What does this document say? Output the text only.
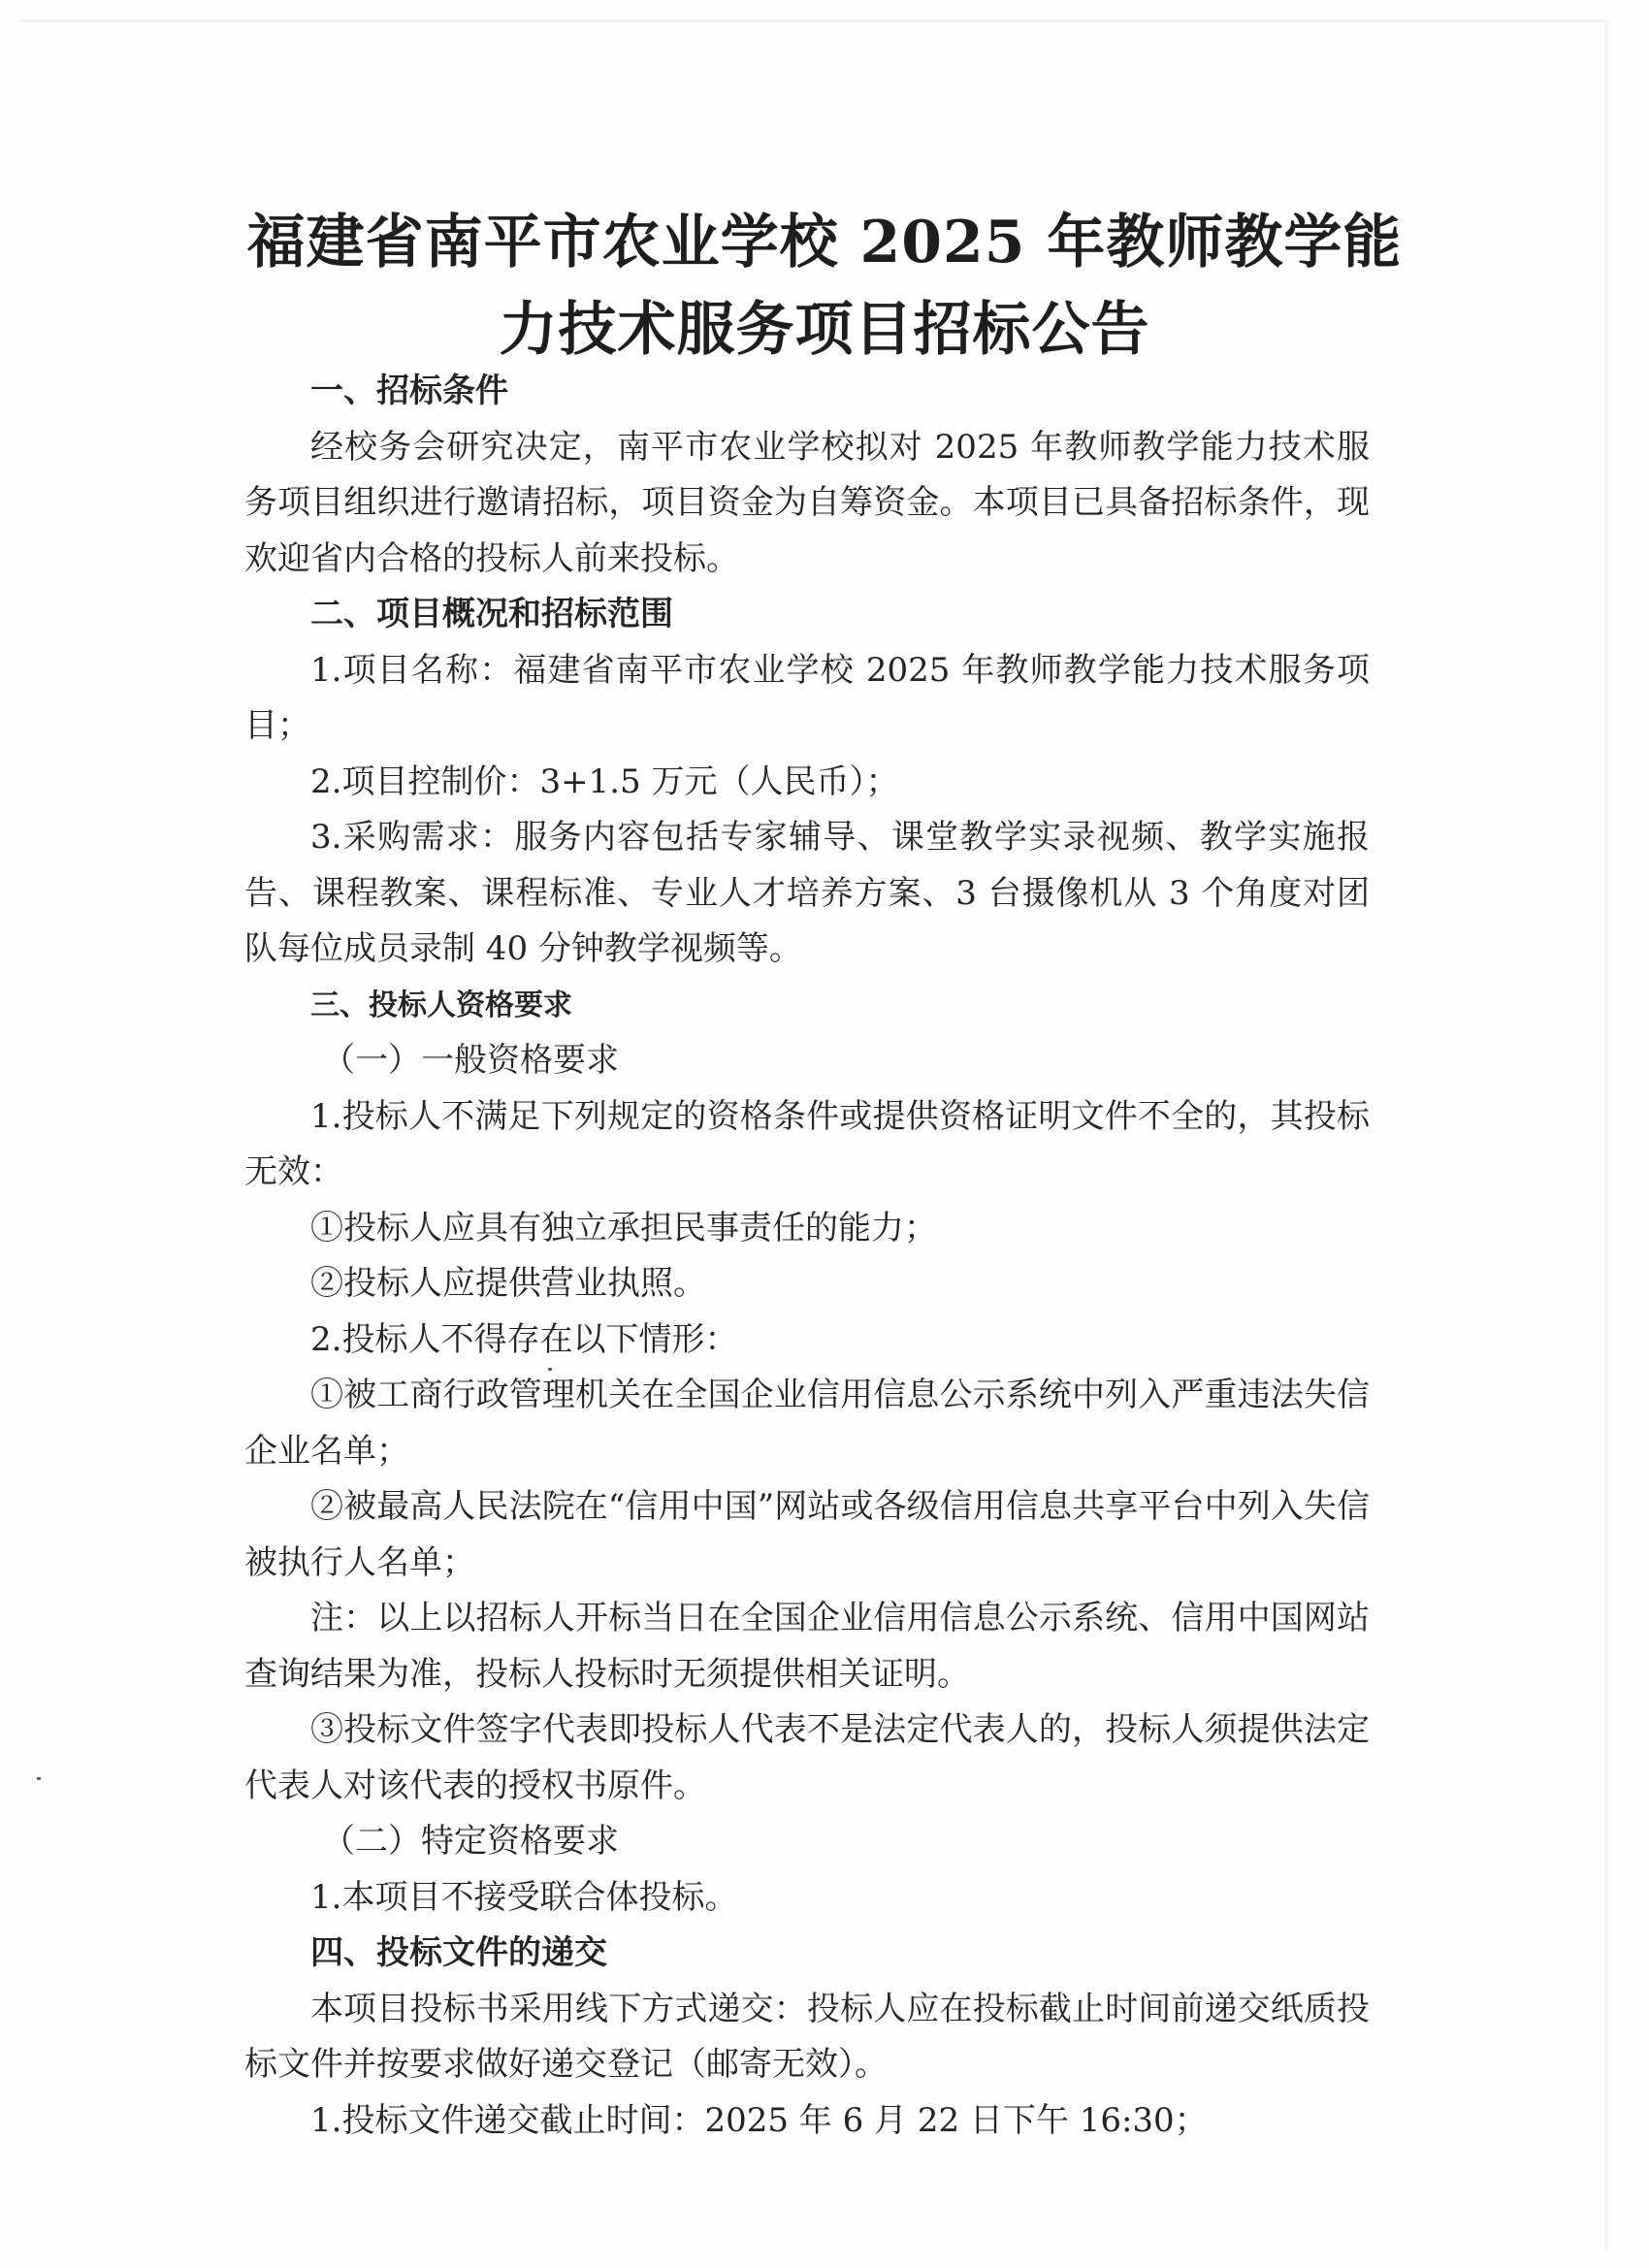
福建省南平市农业学校 2025 年教师教学能
力技术服务项目招标公告

一、招标条件

经校务会研究决定，南平市农业学校拟对 2025 年教师教学能力技术服务项目组织进行邀请招标，项目资金为自筹资金。本项目已具备招标条件，现欢迎省内合格的投标人前来投标。

二、项目概况和招标范围

1.项目名称：福建省南平市农业学校 2025 年教师教学能力技术服务项目；

2.项目控制价：3+1.5 万元（人民币）；

3.采购需求：服务内容包括专家辅导、课堂教学实录视频、教学实施报告、课程教案、课程标准、专业人才培养方案、3 台摄像机从 3 个角度对团队每位成员录制 40 分钟教学视频等。

三、投标人资格要求

（一）一般资格要求

1.投标人不满足下列规定的资格条件或提供资格证明文件不全的，其投标无效：

①投标人应具有独立承担民事责任的能力；

②投标人应提供营业执照。

2.投标人不得存在以下情形：

①被工商行政管理机关在全国企业信用信息公示系统中列入严重违法失信企业名单；

②被最高人民法院在“信用中国”网站或各级信用信息共享平台中列入失信被执行人名单；

注：以上以招标人开标当日在全国企业信用信息公示系统、信用中国网站查询结果为准，投标人投标时无须提供相关证明。

③投标文件签字代表即投标人代表不是法定代表人的，投标人须提供法定代表人对该代表的授权书原件。

（二）特定资格要求

1.本项目不接受联合体投标。

四、投标文件的递交

本项目投标书采用线下方式递交：投标人应在投标截止时间前递交纸质投标文件并按要求做好递交登记（邮寄无效）。

1.投标文件递交截止时间：2025 年 6 月 22 日下午 16:30；
